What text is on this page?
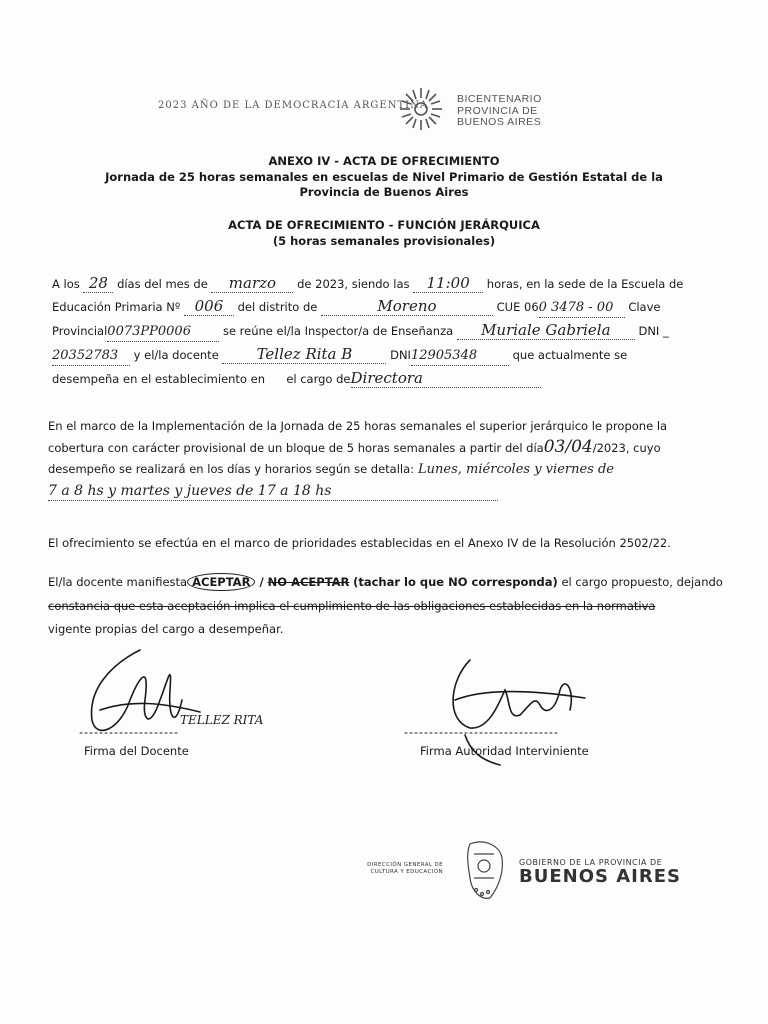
2023 AÑO DE LA DEMOCRACIA ARGENTINA
BICENTENARIO
PROVINCIA DE
BUENOS AIRES
ANEXO IV - ACTA DE OFRECIMIENTO
Jornada de 25 horas semanales en escuelas de Nivel Primario de Gestión Estatal de la
Provincia de Buenos Aires
ACTA DE OFRECIMIENTO - FUNCIÓN JERÁRQUICA
(5 horas semanales provisionales)
A los 28 días del mes de marzo de 2023, siendo las 11:00 horas, en la sede de la Escuela de
Educación Primaria Nº 006 del distrito de	Moreno	CUE 060 3478 - 00 Clave
Provincial0073PP0006	se reúne el/la Inspector/a de Enseñanza Muriale Gabriela DNI _
20352783 y el/la docente	Tellez Rita B	DNI12905348	que actualmente se
desempeña en el establecimiento en el cargo deDirectora
En el marco de la Implementación de la Jornada de 25 horas semanales el superior jerárquico le propone la
cobertura con carácter provisional de un bloque de 5 horas semanales a partir del día03/04/2023, cuyo
desempeño se realizará en los días y horarios según se detalla: Lunes, miércoles y viernes de
7 a 8 hs y martes y jueves de 17 a 18 hs
El ofrecimiento se efectúa en el marco de prioridades establecidas en el Anexo IV de la Resolución 2502/22.
El/la docente manifiesta ACEPTAR / NO ACEPTAR (tachar lo que NO corresponda) el cargo propuesto, dejando
constancia que esta aceptación implica el cumplimiento de las obligaciones establecidas en la normativa
vigente propias del cargo a desempeñar.
TELLEZ RITA
Firma del Docente	Firma Autoridad Interviniente
DIRECCIÓN GENERAL DE
CULTURA Y EDUCACIÓN
GOBIERNO DE LA PROVINCIA DE
BUENOS AIRES
